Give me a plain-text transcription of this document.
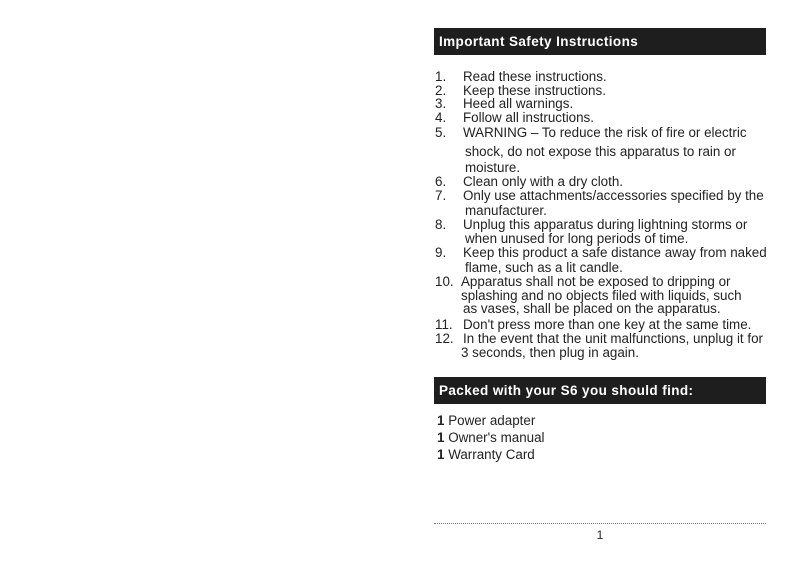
Important Safety Instructions
1. Read these instructions.
2. Keep these instructions.
3. Heed all warnings.
4. Follow all instructions.
5. WARNING – To reduce the risk of fire or electric
shock, do not expose this apparatus to rain or
moisture.
6. Clean only with a dry cloth.
7. Only use attachments/accessories specified by the
manufacturer.
8. Unplug this apparatus during lightning storms or
when unused for long periods of time.
9. Keep this product a safe distance away from naked
flame, such as a lit candle.
10. Apparatus shall not be exposed to dripping or
splashing and no objects filed with liquids, such
as vases, shall be placed on the apparatus.
11. Don't press more than one key at the same time.
12. In the event that the unit malfunctions, unplug it for
3 seconds, then plug in again.
Packed with your S6 you should find:
1 Power adapter
1 Owner's manual
1 Warranty Card
1
